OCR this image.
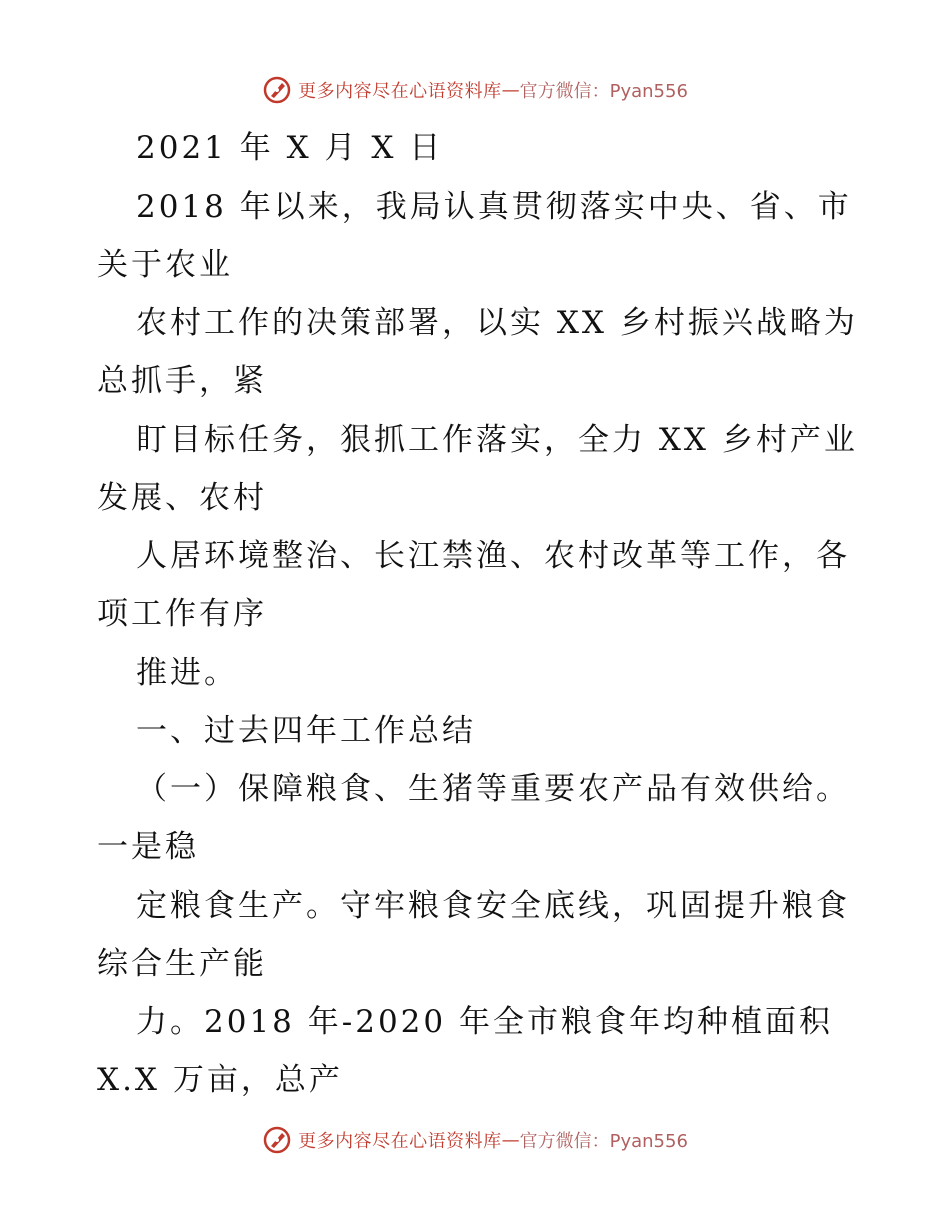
更多内容尽在心语资料库 — 官方微信：Pyan556
2021 年 X 月 X 日
2018 年以来，我局认真贯彻落实中央、省、市
关于农业
农村工作的决策部署，以实 XX 乡村振兴战略为
总抓手，紧
盯目标任务，狠抓工作落实，全力 XX 乡村产业
发展、农村
人居环境整治、长江禁渔、农村改革等工作，各
项工作有序
推进。
一、过去四年工作总结
（一）保障粮食、生猪等重要农产品有效供给。
一是稳
定粮食生产。守牢粮食安全底线，巩固提升粮食
综合生产能
力。2018 年-2020 年全市粮食年均种植面积
X.X 万亩，总产
更多内容尽在心语资料库 — 官方微信：Pyan556
